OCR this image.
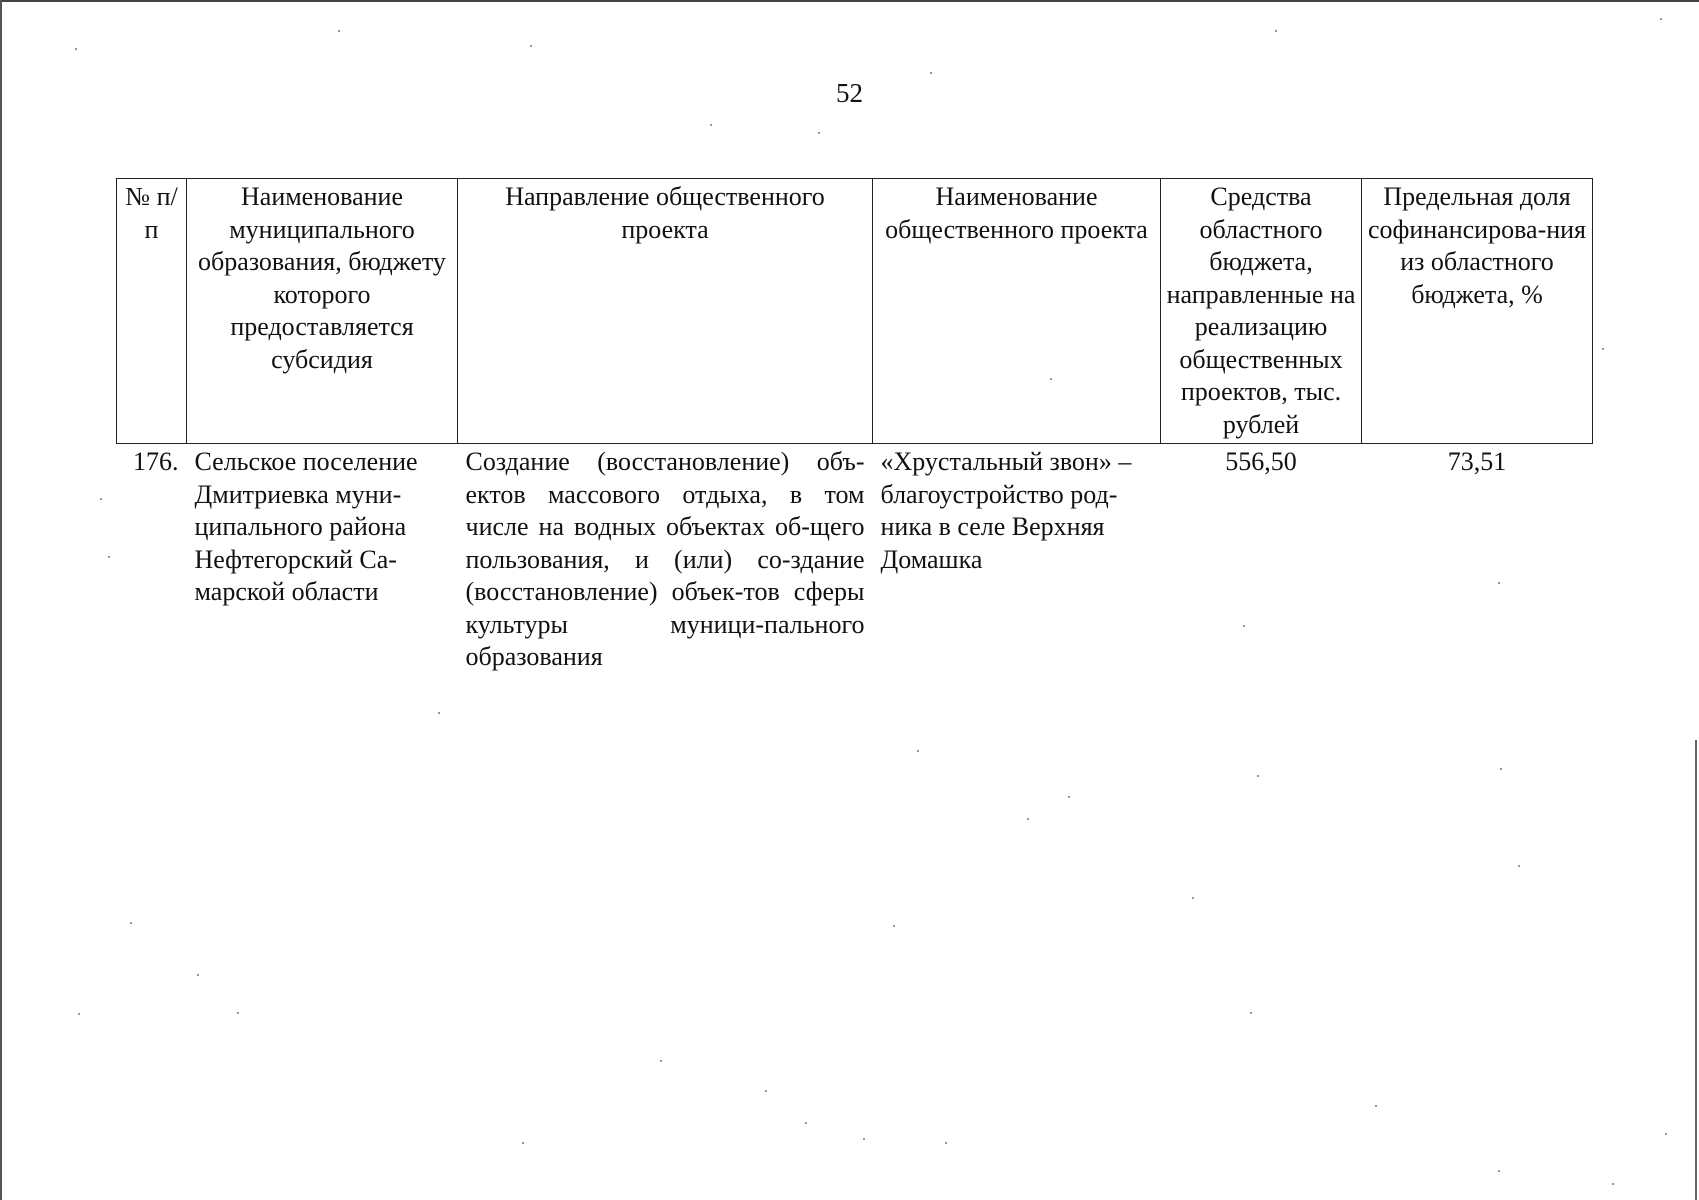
52
№ п/п	Наименование муниципального образования, бюджету которого предоставляется субсидия	Направление общественного проекта	Наименование общественного проекта	Средства областного бюджета, направленные на реализацию общественных проектов, тыс. рублей	Предельная доля софинансирова-ния из областного бюджета, %
176.	Сельское поселение Дмитриевка муни-ципального района Нефтегорский Са-марской области	Создание (восстановление) объ-ектов массового отдыха, в том числе на водных объектах об-щего пользования, и (или) со-здание (восстановление) объек-тов сферы культуры муници-пального образования	«Хрустальный звон» – благоустройство род-ника в селе Верхняя Домашка	556,50	73,51
